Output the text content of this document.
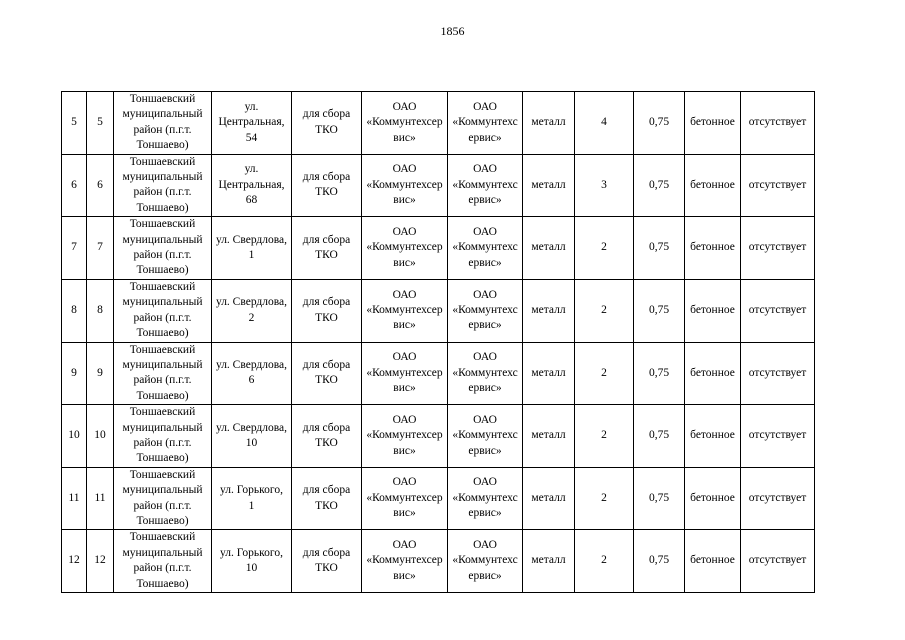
1856
5	5	Тоншаевский
муниципальный
район (п.г.т.
Тоншаево)	ул.
Центральная,
54	для сбора
ТКО	ОАО
«Коммунтехсер
вис»	ОАО
«Коммунтехс
ервис»	металл	4	0,75	бетонное	отсутствует
6	6	Тоншаевский
муниципальный
район (п.г.т.
Тоншаево)	ул.
Центральная,
68	для сбора
ТКО	ОАО
«Коммунтехсер
вис»	ОАО
«Коммунтехс
ервис»	металл	3	0,75	бетонное	отсутствует
7	7	Тоншаевский
муниципальный
район (п.г.т.
Тоншаево)	ул. Свердлова,
1	для сбора
ТКО	ОАО
«Коммунтехсер
вис»	ОАО
«Коммунтехс
ервис»	металл	2	0,75	бетонное	отсутствует
8	8	Тоншаевский
муниципальный
район (п.г.т.
Тоншаево)	ул. Свердлова,
2	для сбора
ТКО	ОАО
«Коммунтехсер
вис»	ОАО
«Коммунтехс
ервис»	металл	2	0,75	бетонное	отсутствует
9	9	Тоншаевский
муниципальный
район (п.г.т.
Тоншаево)	ул. Свердлова,
6	для сбора
ТКО	ОАО
«Коммунтехсер
вис»	ОАО
«Коммунтехс
ервис»	металл	2	0,75	бетонное	отсутствует
10	10	Тоншаевский
муниципальный
район (п.г.т.
Тоншаево)	ул. Свердлова,
10	для сбора
ТКО	ОАО
«Коммунтехсер
вис»	ОАО
«Коммунтехс
ервис»	металл	2	0,75	бетонное	отсутствует
11	11	Тоншаевский
муниципальный
район (п.г.т.
Тоншаево)	ул. Горького,
1	для сбора
ТКО	ОАО
«Коммунтехсер
вис»	ОАО
«Коммунтехс
ервис»	металл	2	0,75	бетонное	отсутствует
12	12	Тоншаевский
муниципальный
район (п.г.т.
Тоншаево)	ул. Горького,
10	для сбора
ТКО	ОАО
«Коммунтехсер
вис»	ОАО
«Коммунтехс
ервис»	металл	2	0,75	бетонное	отсутствует
